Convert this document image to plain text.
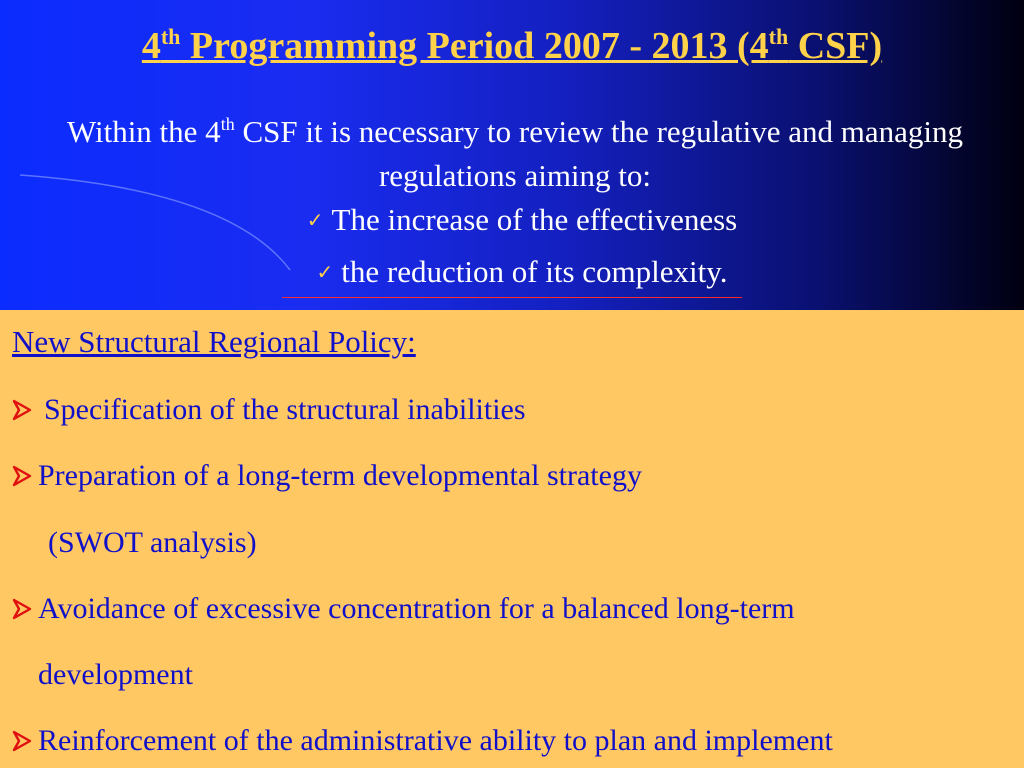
4th Programming Period 2007 - 2013 (4th CSF)
Within the 4th CSF it is necessary to review the regulative and managing regulations aiming to:
✓ The increase of the effectiveness
✓ the reduction of its complexity.
New Structural Regional Policy:
Specification of the structural inabilities
Preparation of a long-term developmental strategy
(SWOT analysis)
Avoidance of excessive concentration for a balanced long-term
development
Reinforcement of the administrative ability to plan and implement
